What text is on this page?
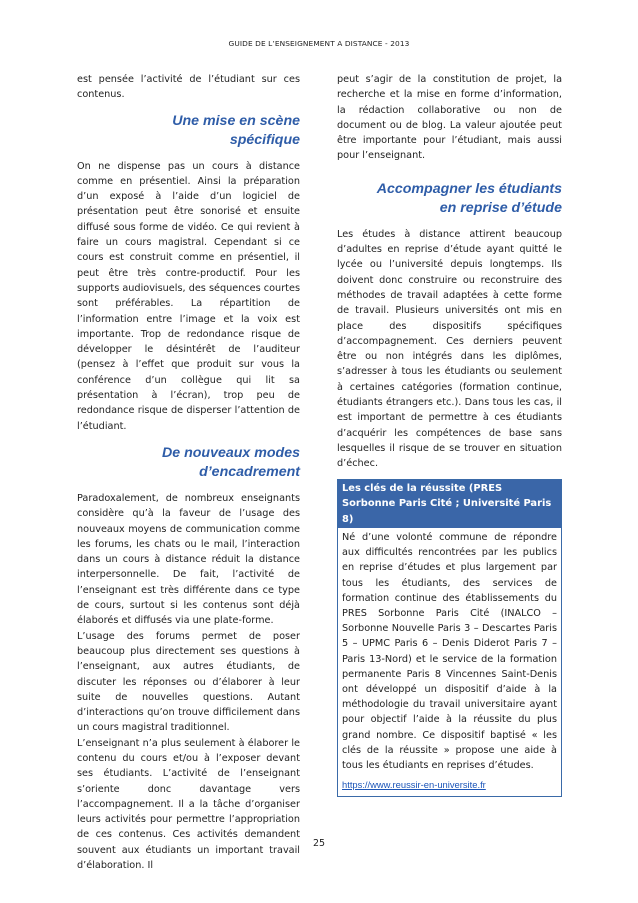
GUIDE DE L’ENSEIGNEMENT A DISTANCE - 2013

est pensée l’activité de l’étudiant sur ces contenus.

Une mise en scène spécifique

On ne dispense pas un cours à distance comme en présentiel. Ainsi la préparation d’un exposé à l’aide d’un logiciel de présentation peut être sonorisé et ensuite diffusé sous forme de vidéo. Ce qui revient à faire un cours magistral. Cependant si ce cours est construit comme en présentiel, il peut être très contre-productif. Pour les supports audiovisuels, des séquences courtes sont préférables. La répartition de l’information entre l’image et la voix est importante. Trop de redondance risque de développer le désintérêt de l’auditeur (pensez à l’effet que produit sur vous la conférence d’un collègue qui lit sa présentation à l’écran), trop peu de redondance risque de disperser l’attention de l’étudiant.

De nouveaux modes d’encadrement

Paradoxalement, de nombreux enseignants considère qu’à la faveur de l’usage des nouveaux moyens de communication comme les forums, les chats ou le mail, l’interaction dans un cours à distance réduit la distance interpersonnelle. De fait, l’activité de l’enseignant est très différente dans ce type de cours, surtout si les contenus sont déjà élaborés et diffusés via une plate-forme.

L’usage des forums permet de poser beaucoup plus directement ses questions à l’enseignant, aux autres étudiants, de discuter les réponses ou d’élaborer à leur suite de nouvelles questions. Autant d’interactions qu’on trouve difficilement dans un cours magistral traditionnel.

L’enseignant n’a plus seulement à élaborer le contenu du cours et/ou à l’exposer devant ses étudiants. L’activité de l’enseignant s’oriente donc davantage vers l’accompagnement. Il a la tâche d’organiser leurs activités pour permettre l’appropriation de ces contenus. Ces activités demandent souvent aux étudiants un important travail d’élaboration. Il

peut s’agir de la constitution de projet, la recherche et la mise en forme d’information, la rédaction collaborative ou non de document ou de blog. La valeur ajoutée peut être importante pour l’étudiant, mais aussi pour l’enseignant.

Accompagner les étudiants en reprise d’étude

Les études à distance attirent beaucoup d’adultes en reprise d’étude ayant quitté le lycée ou l’université depuis longtemps. Ils doivent donc construire ou reconstruire des méthodes de travail adaptées à cette forme de travail. Plusieurs universités ont mis en place des dispositifs spécifiques d’accompagnement. Ces derniers peuvent être ou non intégrés dans les diplômes, s’adresser à tous les étudiants ou seulement à certaines catégories (formation continue, étudiants étrangers etc.). Dans tous les cas, il est important de permettre à ces étudiants d’acquérir les compétences de base sans lesquelles il risque de se trouver en situation d’échec.

Les clés de la réussite (PRES Sorbonne Paris Cité ; Université Paris 8)

Né d’une volonté commune de répondre aux difficultés rencontrées par les publics en reprise d’études et plus largement par tous les étudiants, des services de formation continue des établissements du PRES Sorbonne Paris Cité (INALCO – Sorbonne Nouvelle Paris 3 – Descartes Paris 5 – UPMC Paris 6 – Denis Diderot Paris 7 – Paris 13-Nord) et le service de la formation permanente Paris 8 Vincennes Saint-Denis ont développé un dispositif d’aide à la méthodologie du travail universitaire ayant pour objectif l’aide à la réussite du plus grand nombre. Ce dispositif baptisé « les clés de la réussite » propose une aide à tous les étudiants en reprises d’études.

https://www.reussir-en-universite.fr
25
